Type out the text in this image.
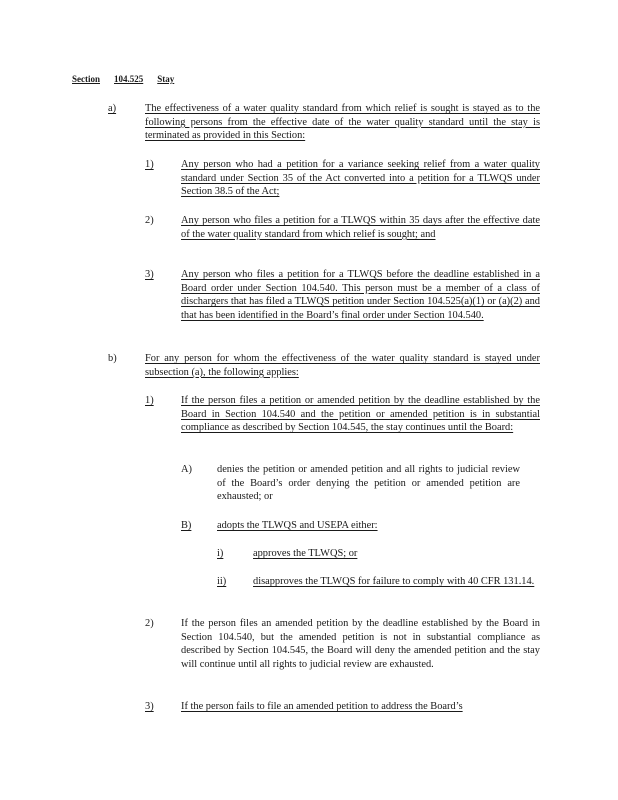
Section 104.525 Stay
a)	The effectiveness of a water quality standard from which relief is sought is stayed as to the following persons from the effective date of the water quality standard until the stay is terminated as provided in this Section:
1)	Any person who had a petition for a variance seeking relief from a water quality standard under Section 35 of the Act converted into a petition for a TLWQS under Section 38.5 of the Act;
2)	Any person who files a petition for a TLWQS within 35 days after the effective date of the water quality standard from which relief is sought; and
3)	Any person who files a petition for a TLWQS before the deadline established in a Board order under Section 104.540. This person must be a member of a class of dischargers that has filed a TLWQS petition under Section 104.525(a)(1) or (a)(2) and that has been identified in the Board’s final order under Section 104.540.
b)	For any person for whom the effectiveness of the water quality standard is stayed under subsection (a), the following applies:
1)	If the person files a petition or amended petition by the deadline established by the Board in Section 104.540 and the petition or amended petition is in substantial compliance as described by Section 104.545, the stay continues until the Board:
A) denies the petition or amended petition and all rights to judicial review of the Board’s order denying the petition or amended petition are exhausted; or
B) adopts the TLWQS and USEPA either:
i)	approves the TLWQS; or
ii)	disapproves the TLWQS for failure to comply with 40 CFR 131.14.
2)	If the person files an amended petition by the deadline established by the Board in Section 104.540, but the amended petition is not in substantial compliance as described by Section 104.545, the Board will deny the amended petition and the stay will continue until all rights to judicial review are exhausted.
3)	If the person fails to file an amended petition to address the Board’s
